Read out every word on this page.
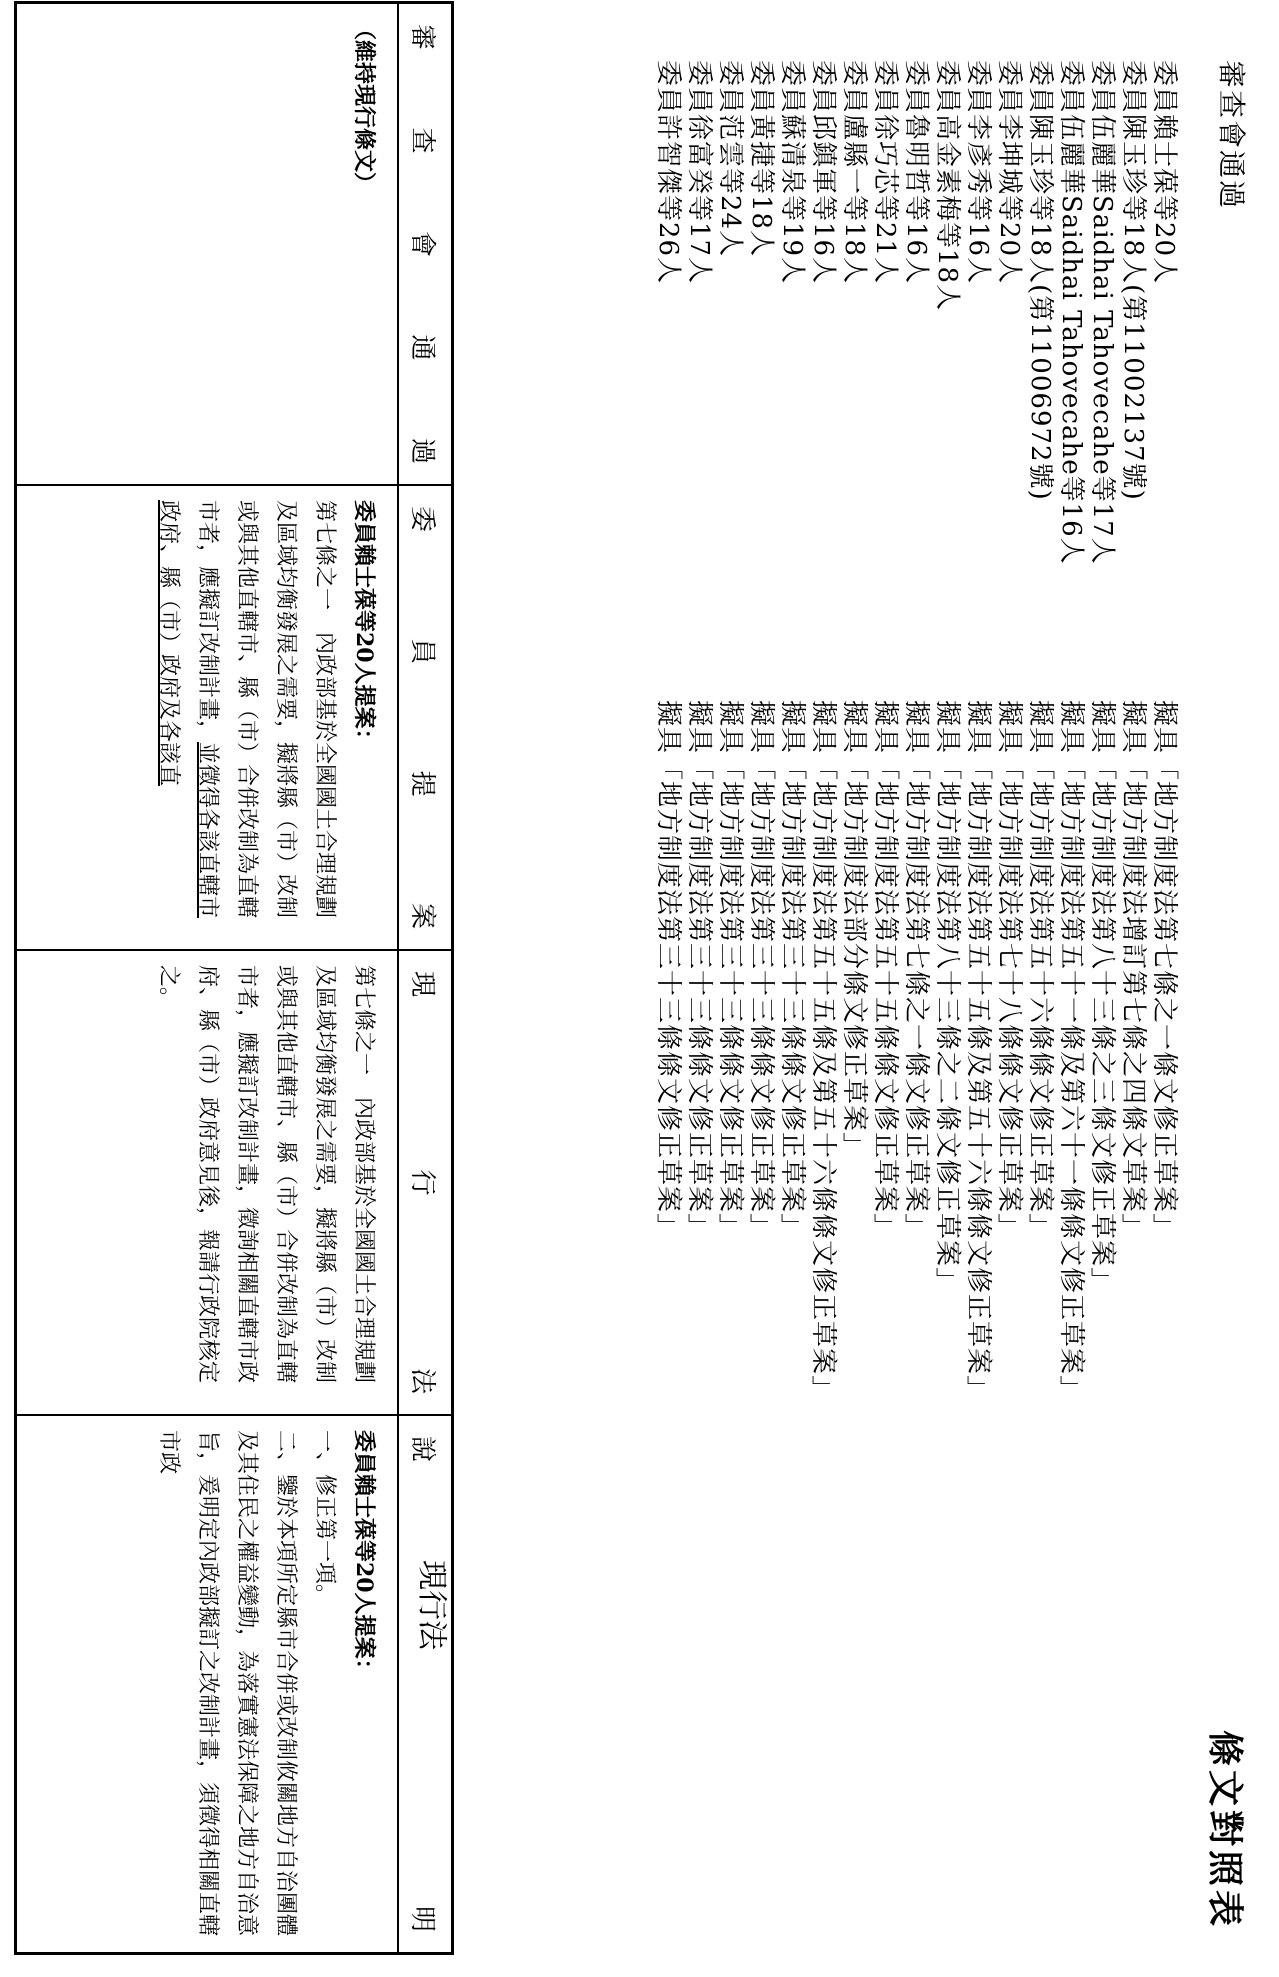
審查會通過
條文對照表
委員賴士葆等20人擬具「地方制度法第七條之一條文修正草案」
委員陳玉珍等18人(第11002137號)擬具「地方制度法增訂第七條之四條文草案」
委員伍麗華Saidhai Tahovecahe等17人擬具「地方制度法第八十三條之三條文修正草案」
委員伍麗華Saidhai Tahovecahe等16人擬具「地方制度法第五十一條及第六十一條條文修正草案」
委員陳玉珍等18人(第11006972號)擬具「地方制度法第五十六條條文修正草案」
委員李坤城等20人擬具「地方制度法第七十八條條文修正草案」
委員李彥秀等16人擬具「地方制度法第五十五條及第五十六條條文修正草案」
委員高金素梅等18人擬具「地方制度法第八十三條之二條文修正草案」
委員魯明哲等16人擬具「地方制度法第七條之一條文修正草案」
委員徐巧芯等21人擬具「地方制度法第五十五條條文修正草案」
委員盧縣一等18人擬具「地方制度法部分條文修正草案」
委員邱鎮軍等16人擬具「地方制度法第五十五條及第五十六條條文修正草案」
委員蘇清泉等19人擬具「地方制度法第三十三條條文修正草案」
委員黃捷等18人擬具「地方制度法第三十三條條文修正草案」
委員范雲等24人擬具「地方制度法第三十三條條文修正草案」
委員徐富癸等17人擬具「地方制度法第三十三條條文修正草案」
委員許智傑等26人擬具「地方制度法第三十三條條文修正草案」
現行法
審
查
會
通
過
委
員
提
案
現
行
法
說
明

（維持現行條文）

委員賴士葆等20人提案：

第七條之一　內政部基於全國國土合理規劃及區域均衡發展之需要，擬將縣（市）改制或與其他直轄市、縣（市）合併改制為直轄市者，應擬訂改制計畫，並徵得各該直轄市政府、縣（市）政府及各該直

第七條之一　內政部基於全國國土合理規劃及區域均衡發展之需要，擬將縣（市）改制或與其他直轄市、縣（市）合併改制為直轄市者，應擬訂改制計畫，徵詢相關直轄市政府、縣（市）政府意見後，報請行政院核定之。

委員賴士葆等20人提案：

一、修正第一項。

二、鑒於本項所定縣市合併或改制攸關地方自治團體及其住民之權益變動，為落實憲法保障之地方自治意旨，爰明定內政部擬訂之改制計畫，須徵得相關直轄市政
